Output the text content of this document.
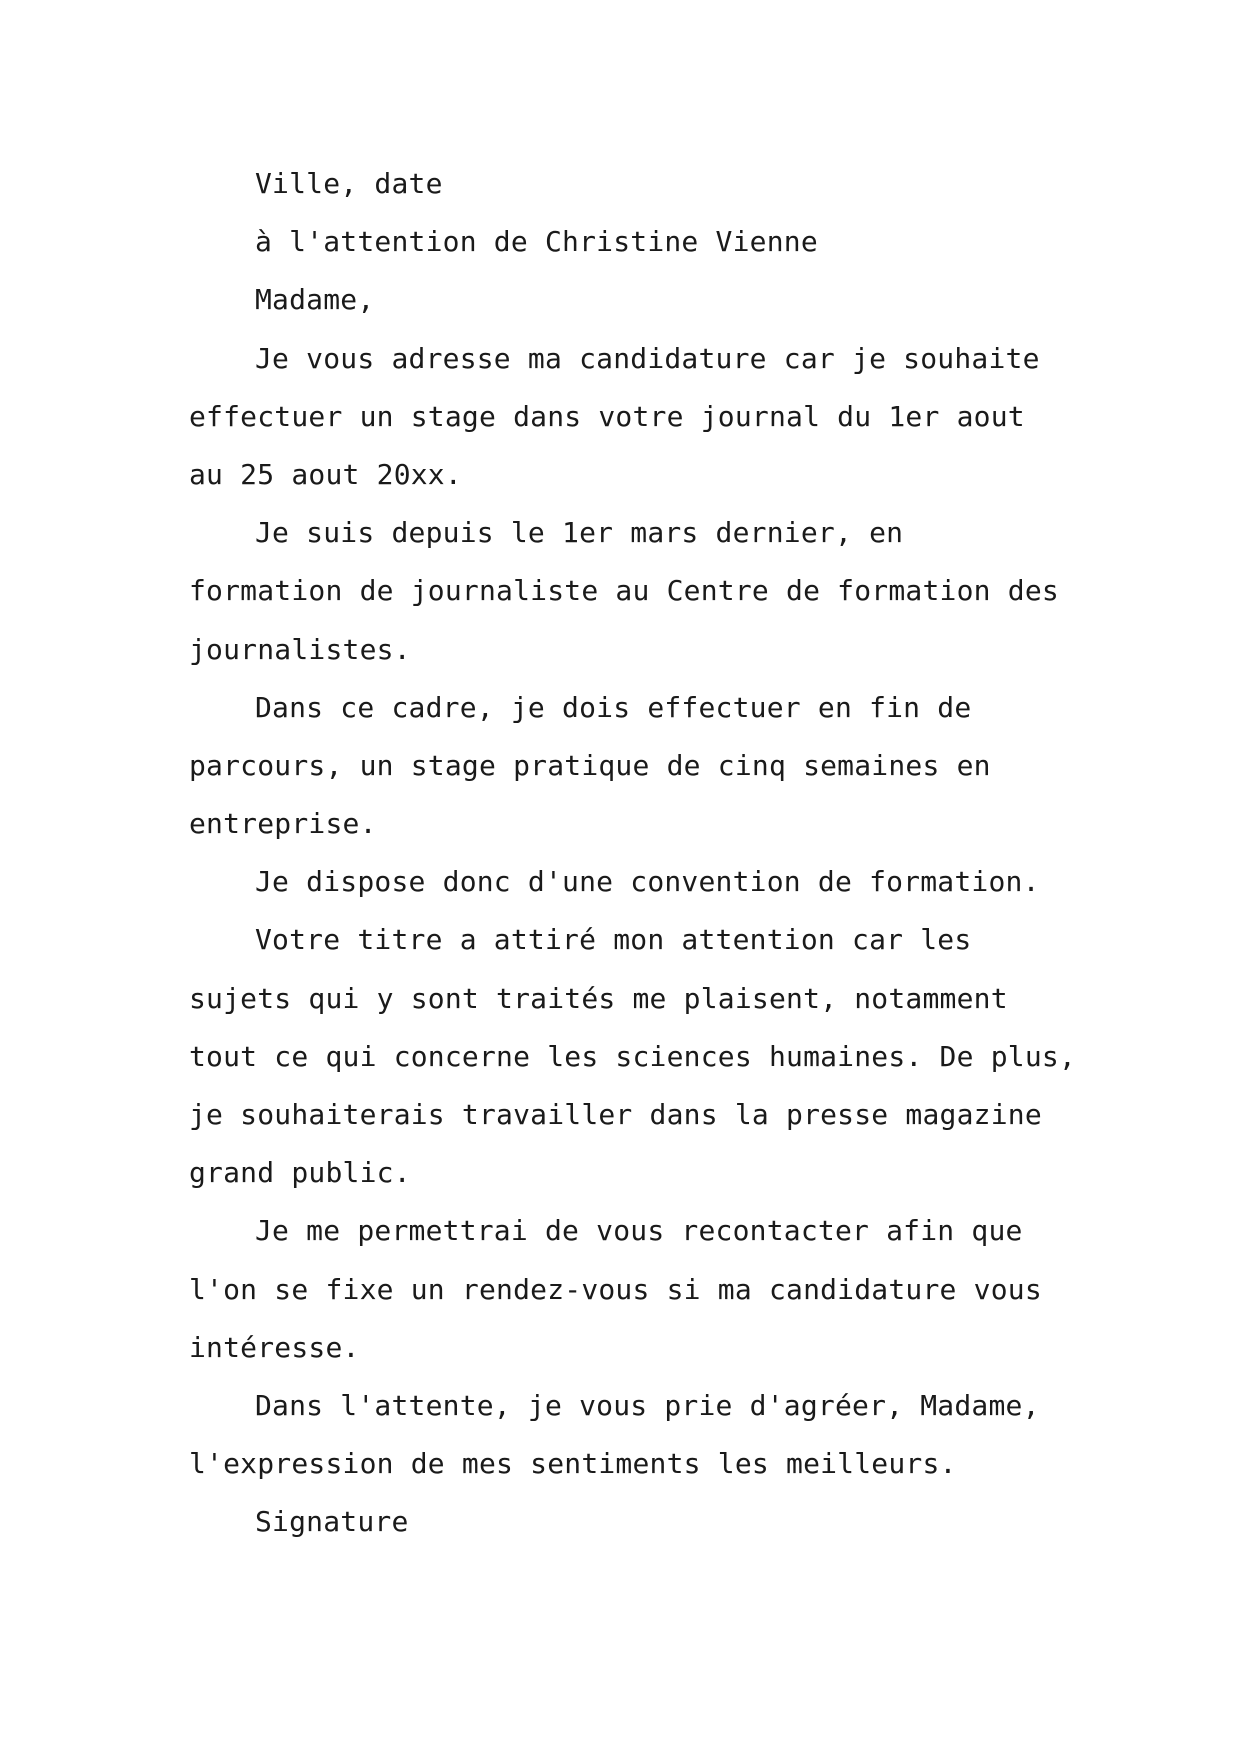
Ville, date
à l'attention de Christine Vienne
Madame,
Je vous adresse ma candidature car je souhaite
effectuer un stage dans votre journal du 1er aout
au 25 aout 20xx.
Je suis depuis le 1er mars dernier, en
formation de journaliste au Centre de formation des
journalistes.
Dans ce cadre, je dois effectuer en fin de
parcours, un stage pratique de cinq semaines en
entreprise.
Je dispose donc d'une convention de formation.
Votre titre a attiré mon attention car les
sujets qui y sont traités me plaisent, notamment
tout ce qui concerne les sciences humaines. De plus,
je souhaiterais travailler dans la presse magazine
grand public.
Je me permettrai de vous recontacter afin que
l'on se fixe un rendez-vous si ma candidature vous
intéresse.
Dans l'attente, je vous prie d'agréer, Madame,
l'expression de mes sentiments les meilleurs.
Signature
